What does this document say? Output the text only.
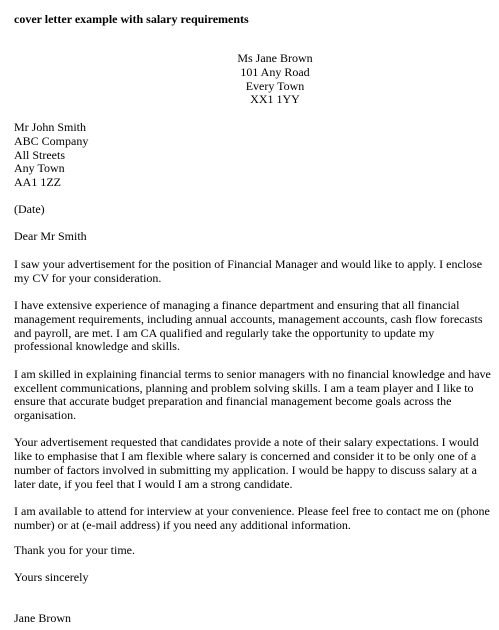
cover letter example with salary requirements
Ms Jane Brown
101 Any Road
Every Town
XX1 1YY
Mr John Smith
ABC Company
All Streets
Any Town
AA1 1ZZ
(Date)
Dear Mr Smith

I saw your advertisement for the position of Financial Manager and would like to apply. I enclose my CV for your consideration.

I have extensive experience of managing a finance department and ensuring that all financial management requirements, including annual accounts, management accounts, cash flow forecasts and payroll, are met. I am CA qualified and regularly take the opportunity to update my professional knowledge and skills.

I am skilled in explaining financial terms to senior managers with no financial knowledge and have excellent communications, planning and problem solving skills. I am a team player and I like to ensure that accurate budget preparation and financial management become goals across the organisation.

Your advertisement requested that candidates provide a note of their salary expectations. I would like to emphasise that I am flexible where salary is concerned and consider it to be only one of a number of factors involved in submitting my application. I would be happy to discuss salary at a later date, if you feel that I would I am a strong candidate.

I am available to attend for interview at your convenience. Please feel free to contact me on (phone number) or at (e-mail address) if you need any additional information.

Thank you for your time.
Yours sincerely
Jane Brown
